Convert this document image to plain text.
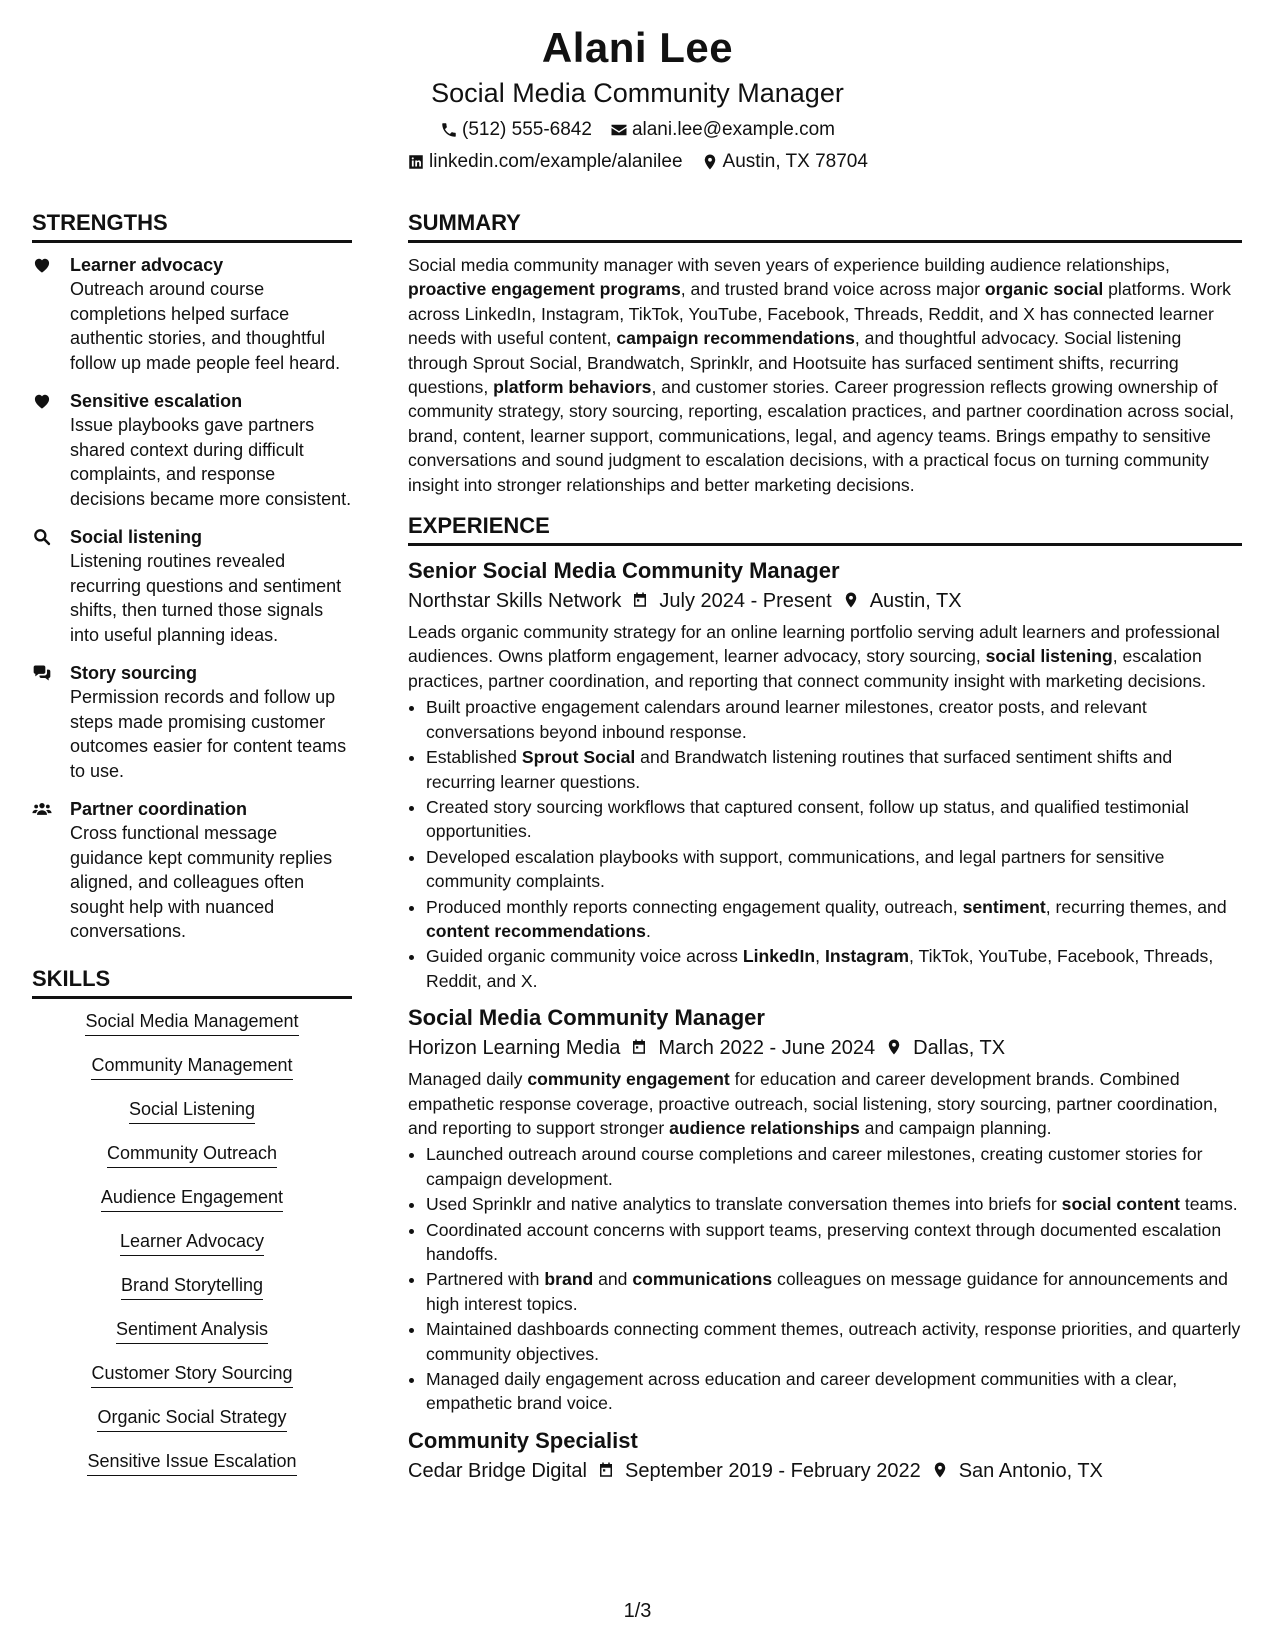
Alani Lee
Social Media Community Manager
(512) 555-6842 alani.lee@example.com
linkedin.com/example/alanilee Austin, TX 78704
STRENGTHS
Learner advocacy
Outreach around course completions helped surface authentic stories, and thoughtful follow up made people feel heard.
Sensitive escalation
Issue playbooks gave partners shared context during difficult complaints, and response decisions became more consistent.
Social listening
Listening routines revealed recurring questions and sentiment shifts, then turned those signals into useful planning ideas.
Story sourcing
Permission records and follow up steps made promising customer outcomes easier for content teams to use.
Partner coordination
Cross functional message guidance kept community replies aligned, and colleagues often sought help with nuanced conversations.
SKILLS
Social Media Management
Community Management
Social Listening
Community Outreach
Audience Engagement
Learner Advocacy
Brand Storytelling
Sentiment Analysis
Customer Story Sourcing
Organic Social Strategy
Sensitive Issue Escalation
SUMMARY
Social media community manager with seven years of experience building audience relationships, proactive engagement programs, and trusted brand voice across major organic social platforms. Work across LinkedIn, Instagram, TikTok, YouTube, Facebook, Threads, Reddit, and X has connected learner needs with useful content, campaign recommendations, and thoughtful advocacy. Social listening through Sprout Social, Brandwatch, Sprinklr, and Hootsuite has surfaced sentiment shifts, recurring questions, platform behaviors, and customer stories. Career progression reflects growing ownership of community strategy, story sourcing, reporting, escalation practices, and partner coordination across social, brand, content, learner support, communications, legal, and agency teams. Brings empathy to sensitive conversations and sound judgment to escalation decisions, with a practical focus on turning community insight into stronger relationships and better marketing decisions.
EXPERIENCE
Senior Social Media Community Manager
Northstar Skills Network July 2024 - Present Austin, TX
Leads organic community strategy for an online learning portfolio serving adult learners and professional audiences. Owns platform engagement, learner advocacy, story sourcing, social listening, escalation practices, partner coordination, and reporting that connect community insight with marketing decisions.
• Built proactive engagement calendars around learner milestones, creator posts, and relevant conversations beyond inbound response.
• Established Sprout Social and Brandwatch listening routines that surfaced sentiment shifts and recurring learner questions.
• Created story sourcing workflows that captured consent, follow up status, and qualified testimonial opportunities.
• Developed escalation playbooks with support, communications, and legal partners for sensitive community complaints.
• Produced monthly reports connecting engagement quality, outreach, sentiment, recurring themes, and content recommendations.
• Guided organic community voice across LinkedIn, Instagram, TikTok, YouTube, Facebook, Threads, Reddit, and X.
Social Media Community Manager
Horizon Learning Media March 2022 - June 2024 Dallas, TX
Managed daily community engagement for education and career development brands. Combined empathetic response coverage, proactive outreach, social listening, story sourcing, partner coordination, and reporting to support stronger audience relationships and campaign planning.
• Launched outreach around course completions and career milestones, creating customer stories for campaign development.
• Used Sprinklr and native analytics to translate conversation themes into briefs for social content teams.
• Coordinated account concerns with support teams, preserving context through documented escalation handoffs.
• Partnered with brand and communications colleagues on message guidance for announcements and high interest topics.
• Maintained dashboards connecting comment themes, outreach activity, response priorities, and quarterly community objectives.
• Managed daily engagement across education and career development communities with a clear, empathetic brand voice.
Community Specialist
Cedar Bridge Digital September 2019 - February 2022 San Antonio, TX
1/3
